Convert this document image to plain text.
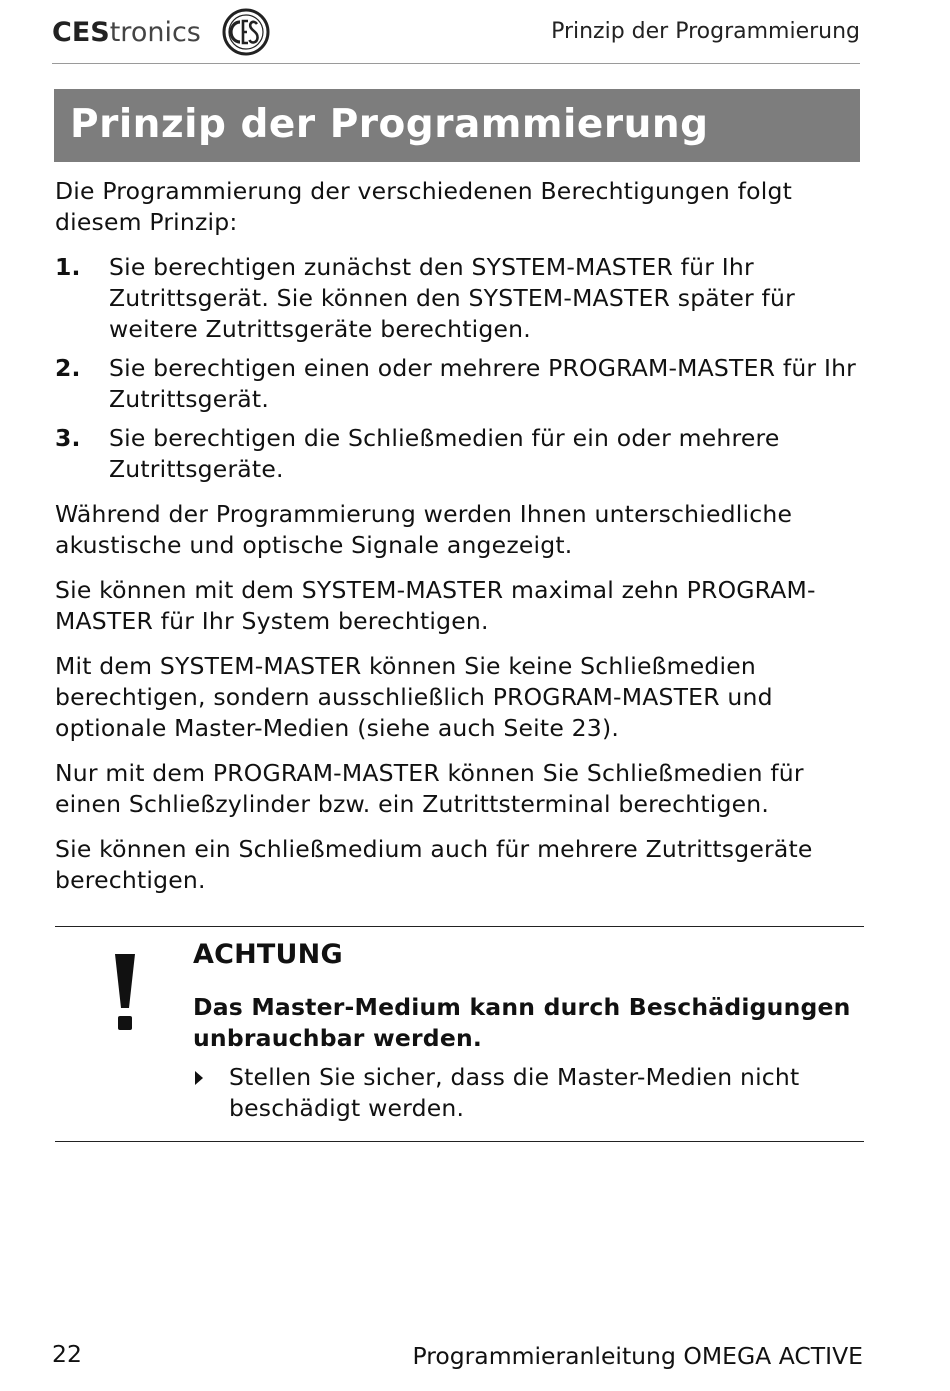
CEStronics	Prinzip der Programmierung
Prinzip der Programmierung

Die Programmierung der verschiedenen Berechtigungen folgt diesem Prinzip:

1.	Sie berechtigen zunächst den SYSTEM-MASTER für Ihr Zutrittsgerät. Sie können den SYSTEM-MASTER später für weitere Zutrittsgeräte berechtigen.
2.	Sie berechtigen einen oder mehrere PROGRAM-MASTER für Ihr Zutrittsgerät.
3.	Sie berechtigen die Schließmedien für ein oder mehrere Zutrittsgeräte.

Während der Programmierung werden Ihnen unterschiedliche akustische und optische Signale angezeigt.

Sie können mit dem SYSTEM-MASTER maximal zehn PROGRAM-MASTER für Ihr System berechtigen.

Mit dem SYSTEM-MASTER können Sie keine Schließmedien berechtigen, sondern ausschließlich PROGRAM-MASTER und optionale Master-Medien (siehe auch Seite 23).

Nur mit dem PROGRAM-MASTER können Sie Schließmedien für einen Schließzylinder bzw. ein Zutrittsterminal berechtigen.

Sie können ein Schließmedium auch für mehrere Zutrittsgeräte berechtigen.

ACHTUNG
Das Master-Medium kann durch Beschädigungen unbrauchbar werden.
Stellen Sie sicher, dass die Master-Medien nicht beschädigt werden.
22	Programmieranleitung OMEGA ACTIVE
